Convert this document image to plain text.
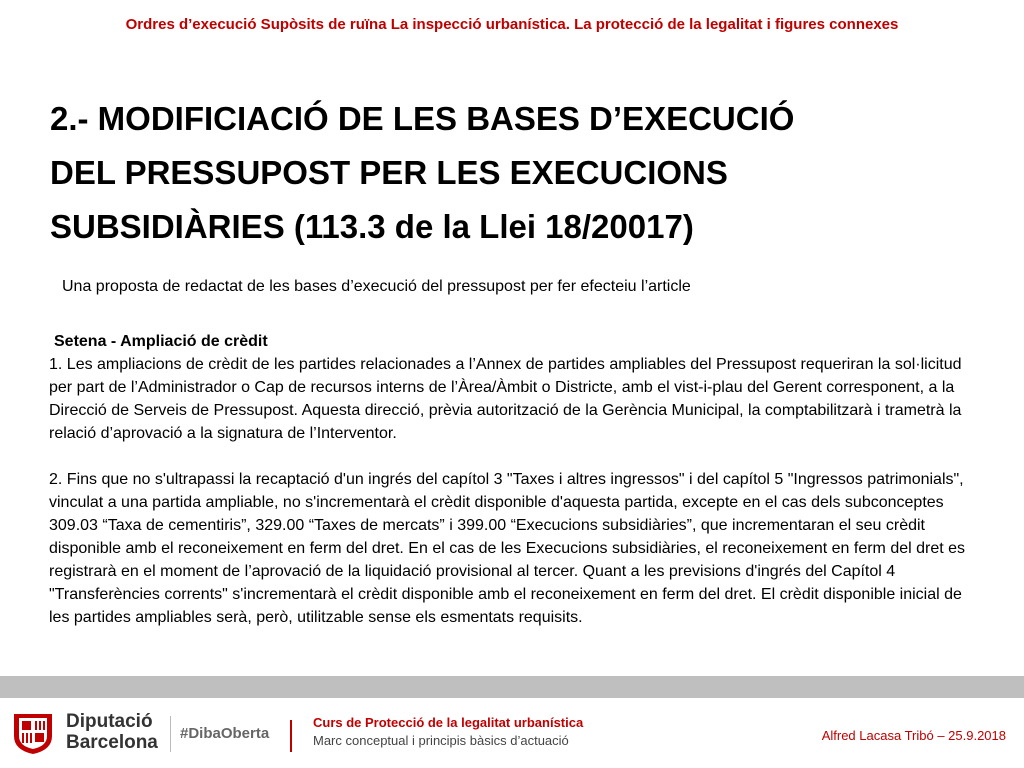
Ordres d’execució Supòsits de ruïna La inspecció urbanística. La protecció de la legalitat i figures connexes
2.- MODIFICIACIÓ DE LES BASES D’EXECUCIÓ
DEL PRESSUPOST PER LES EXECUCIONS
SUBSIDIÀRIES (113.3 de la Llei 18/20017)
Una proposta de redactat de les bases d’execució del pressupost per fer efecteiu l’article
Setena - Ampliació de crèdit
1. Les ampliacions de crèdit de les partides relacionades a l’Annex de partides ampliables del Pressupost requeriran la sol·licitud per part de l’Administrador o Cap de recursos interns de l’Àrea/Àmbit o Districte, amb el vist-i-plau del Gerent corresponent, a la Direcció de Serveis de Pressupost. Aquesta direcció, prèvia autorització de la Gerència Municipal, la comptabilitzarà i trametrà la relació d’aprovació a la signatura de l’Interventor.
2. Fins que no s'ultrapassi la recaptació d'un ingrés del capítol 3 "Taxes i altres ingressos" i del capítol 5 "Ingressos patrimonials", vinculat a una partida ampliable, no s'incrementarà el crèdit disponible d'aquesta partida, excepte en el cas dels subconceptes 309.03 “Taxa de cementiris”, 329.00 “Taxes de mercats” i 399.00 “Execucions subsidiàries”, que incrementaran el seu crèdit disponible amb el reconeixement en ferm del dret. En el cas de les Execucions subsidiàries, el reconeixement en ferm del dret es registrarà en el moment de l’aprovació de la liquidació provisional al tercer. Quant a les previsions d'ingrés del Capítol 4 "Transferències corrents" s'incrementarà el crèdit disponible amb el reconeixement en ferm del dret. El crèdit disponible inicial de les partides ampliables serà, però, utilitzable sense els esmentats requisits.
Diputació
Barcelona #DibaOberta
Curs de Protecció de la legalitat urbanística
Marc conceptual i principis bàsics d’actuació	Alfred Lacasa Tribó – 25.9.2018
